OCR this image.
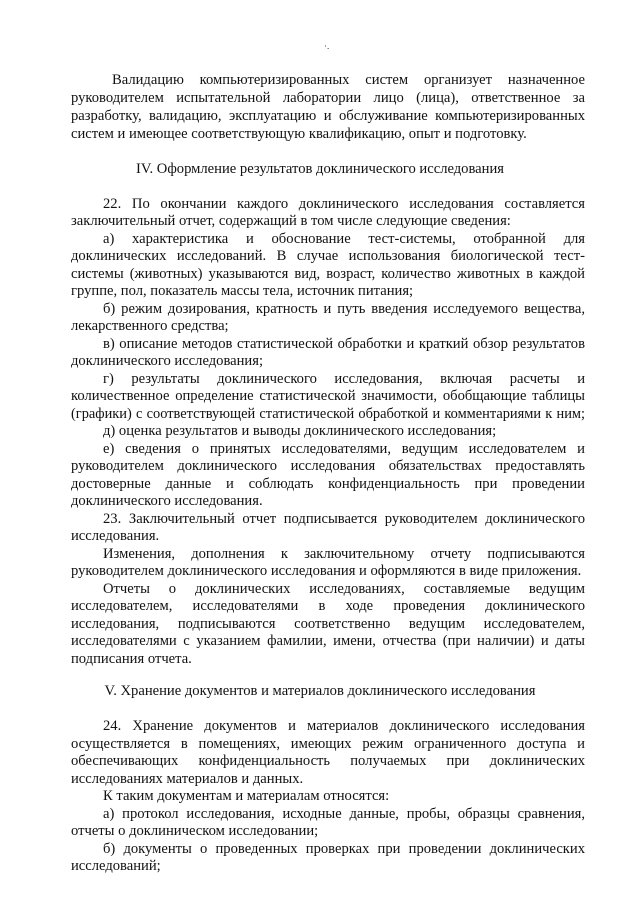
·.
Валидацию компьютеризированных систем организует назначенное
руководителем испытательной лаборатории лицо (лица), ответственное за
разработку, валидацию, эксплуатацию и обслуживание компьютеризированных
систем и имеющее соответствующую квалификацию, опыт и подготовку.
IV. Оформление результатов доклинического исследования
22. По окончании каждого доклинического исследования составляется
заключительный отчет, содержащий в том числе следующие сведения:
а) характеристика и обоснование тест-системы, отобранной для
доклинических исследований. В случае использования биологической тест-
системы (животных) указываются вид, возраст, количество животных в каждой
группе, пол, показатель массы тела, источник питания;
б) режим дозирования, кратность и путь введения исследуемого вещества,
лекарственного средства;
в) описание методов статистической обработки и краткий обзор результатов
доклинического исследования;
г) результаты доклинического исследования, включая расчеты и
количественное определение статистической значимости, обобщающие таблицы
(графики) с соответствующей статистической обработкой и комментариями к ним;
д) оценка результатов и выводы доклинического исследования;
е) сведения о принятых исследователями, ведущим исследователем и
руководителем доклинического исследования обязательствах предоставлять
достоверные данные и соблюдать конфиденциальность при проведении
доклинического исследования.
23. Заключительный отчет подписывается руководителем доклинического
исследования.
Изменения, дополнения к заключительному отчету подписываются
руководителем доклинического исследования и оформляются в виде приложения.
Отчеты о доклинических исследованиях, составляемые ведущим
исследователем, исследователями в ходе проведения доклинического
исследования, подписываются соответственно ведущим исследователем,
исследователями с указанием фамилии, имени, отчества (при наличии) и даты
подписания отчета.
V. Хранение документов и материалов доклинического исследования
24. Хранение документов и материалов доклинического исследования
осуществляется в помещениях, имеющих режим ограниченного доступа и
обеспечивающих конфиденциальность получаемых при доклинических
исследованиях материалов и данных.
К таким документам и материалам относятся:
а) протокол исследования, исходные данные, пробы, образцы сравнения,
отчеты о доклиническом исследовании;
б) документы о проведенных проверках при проведении доклинических
исследований;
